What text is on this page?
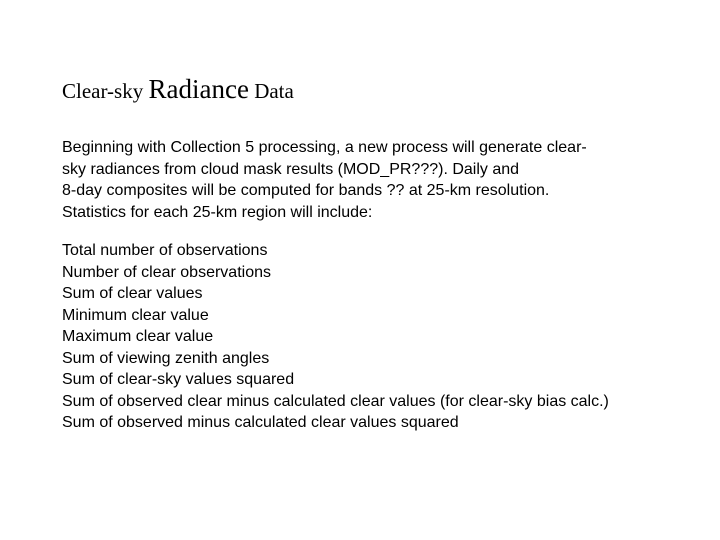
Clear-sky Radiance Data
Beginning with Collection 5 processing, a new process will generate clear-
sky radiances from cloud mask results (MOD_PR???). Daily and
8-day composites will be computed for bands ?? at 25-km resolution.
Statistics for each 25-km region will include:
Total number of observations
Number of clear observations
Sum of clear values
Minimum clear value
Maximum clear value
Sum of viewing zenith angles
Sum of clear-sky values squared
Sum of observed clear minus calculated clear values (for clear-sky bias calc.)
Sum of observed minus calculated clear values squared
